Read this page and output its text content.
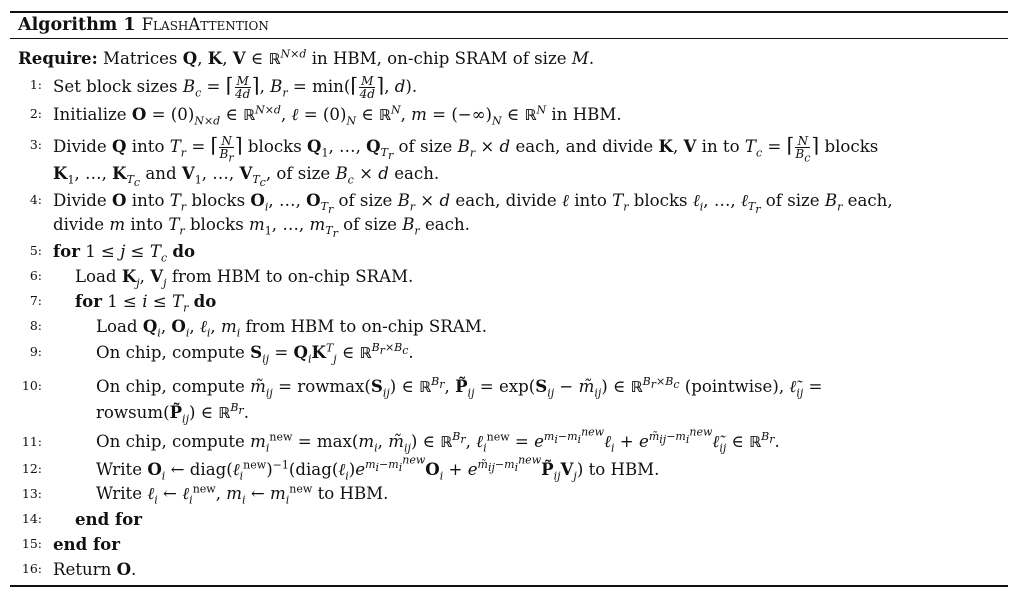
Algorithm 1 FlashAttention
Require: Matrices Q, K, V ∈ ℝ$^{N\times d}$ in HBM, on-chip SRAM of size M.
1: Set block sizes $B_c$ = ⌈ $\frac{M}{4d}$ ⌉, $B_r$ = min(⌈ $\frac{M}{4d}$ ⌉, d).
2: Initialize $O = (0)_{N\times d}$ ∈ ℝ$^{N\times d}$, ℓ = $(0)_N$ ∈ ℝ$^N$, $m = (-\infty)_N$ ∈ ℝ$^N$ in HBM.
3: Divide Q into $T_r$ = ⌈ $\frac{N}{B_r}$ ⌉ blocks $Q_1$, …, $Q_{T_r}$ of size $B_r \times d$ each, and divide K, V in to $T_c$ = ⌈ $\frac{N}{B_c}$ ⌉ blocks
$K_1$, …, $K_{T_c}$ and $V_1$, …, $V_{T_c}$, of size $B_c \times d$ each.
4: Divide O into $T_r$ blocks $O_i$, …, $O_{T_r}$ of size $B_r \times d$ each, divide ℓ into $T_r$ blocks ℓ$_i$, …, ℓ$_{T_r}$ of size $B_r$ each,
divide m into $T_r$ blocks $m_1$, …, $m_{T_r}$ of size $B_r$ each.
5: for $1 \le j \le T_c$ do
6: Load $K_j$, $V_j$ from HBM to on-chip SRAM.
7: for $1 \le i \le T_r$ do
8:	Load $Q_i$, $O_i$, ℓ$_i$, $m_i$ from HBM to on-chip SRAM.
9:	On chip, compute $S_{ij} = Q_iK^T_j$ ∈ ℝ$^{B_r\times B_c}$.
10:	On chip, compute $m̃_{ij} = rowmax(S_{ij})$ ∈ ℝ$^{B_r}$, $P̃_{ij} = \exp(S_{ij}$ − $m̃_{ij}$) ∈ ℝ$^{B_r\times B_c}$ (pointwise), $\ell̃_{ij}$ =
$rowsum(P̃_{ij})$ ∈ ℝ$^{B_r}$.
11:	On chip, compute $m_i^{new} = \max(m_i$, $m̃_{ij}$) ∈ ℝ$^{B_r}$, ℓ$_i^{new}$ = $e^{m_i-m_i^{new}}\ell_i$ + $e^{m̃_{ij}-m_i^{new}}\ell̃_{ij}$ ∈ ℝ$^{B_r}$.
12:	Write $O_i$ ← $diag(\ell_i^{new})^{-1}(diag(\ell_i)e^{m_i-m_i^{new}}O_i$ + $e^{m̃_{ij}-m_i^{new}}P̃_{ij}V_j$) to HBM.
13:	Write ℓ$_i$ ← ℓ$_i^{new}$, $m_i$ ← $m_i^{new}$ to HBM.
14: end for
15: end for
16: Return O.
